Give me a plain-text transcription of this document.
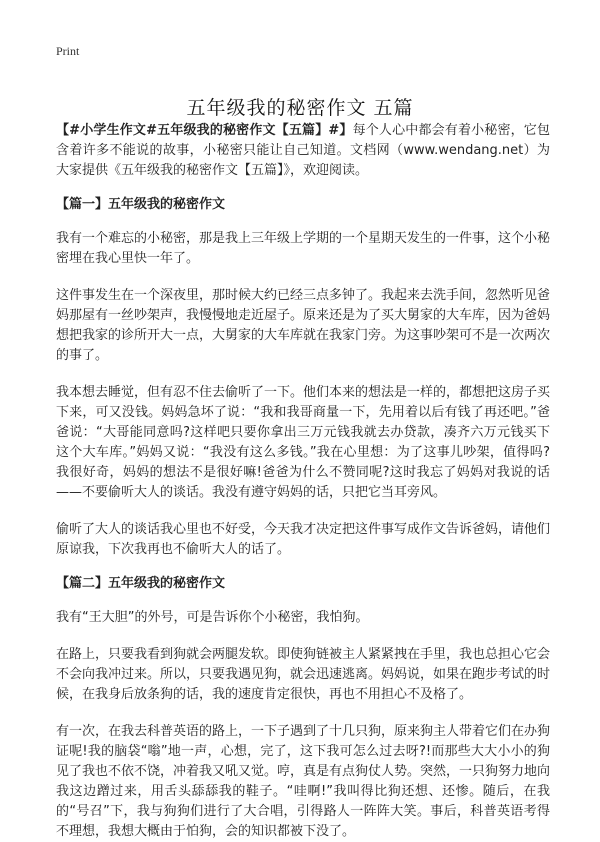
Print
五年级我的秘密作文 五篇

【#小学生作文#五年级我的秘密作文【五篇】#】每个人心中都会有着小秘密，它包含着许多不能说的故事，小秘密只能让自己知道。文档网（www.wendang.net）为大家提供《五年级我的秘密作文【五篇】》，欢迎阅读。

【篇一】五年级我的秘密作文

我有一个难忘的小秘密，那是我上三年级上学期的一个星期天发生的一件事，这个小秘密埋在我心里快一年了。

这件事发生在一个深夜里，那时候大约已经三点多钟了。我起来去洗手间，忽然听见爸妈那屋有一丝吵架声，我慢慢地走近屋子。原来还是为了买大舅家的大车库，因为爸妈想把我家的诊所开大一点，大舅家的大车库就在我家门旁。为这事吵架可不是一次两次的事了。

我本想去睡觉，但有忍不住去偷听了一下。他们本来的想法是一样的，都想把这房子买下来，可又没钱。妈妈急坏了说：“我和我哥商量一下，先用着以后有钱了再还吧。”爸爸说：“大哥能同意吗?这样吧只要你拿出三万元钱我就去办贷款，凑齐六万元钱买下这个大车库。”妈妈又说：“我没有这么多钱。”我在心里想：为了这事儿吵架，值得吗?我很好奇，妈妈的想法不是很好嘛!爸爸为什么不赞同呢?这时我忘了妈妈对我说的话——不要偷听大人的谈话。我没有遵守妈妈的话，只把它当耳旁风。

偷听了大人的谈话我心里也不好受，今天我才决定把这件事写成作文告诉爸妈，请他们原谅我，下次我再也不偷听大人的话了。

【篇二】五年级我的秘密作文

我有“王大胆”的外号，可是告诉你个小秘密，我怕狗。

在路上，只要我看到狗就会两腿发软。即使狗链被主人紧紧拽在手里，我也总担心它会不会向我冲过来。所以，只要我遇见狗，就会迅速逃离。妈妈说，如果在跑步考试的时候，在我身后放条狗的话，我的速度肯定很快，再也不用担心不及格了。

有一次，在我去科普英语的路上，一下子遇到了十几只狗，原来狗主人带着它们在办狗证呢!我的脑袋“嗡”地一声，心想，完了，这下我可怎么过去呀?!而那些大大小小的狗见了我也不依不饶，冲着我又吼又觉。哼，真是有点狗仗人势。突然，一只狗努力地向我这边蹭过来，用舌头舔舔我的鞋子。“哇啊!”我叫得比狗还想、还惨。随后，在我的“号召”下，我与狗狗们进行了大合唱，引得路人一阵阵大笑。事后，科普英语考得不理想，我想大概由于怕狗，会的知识都被下没了。
